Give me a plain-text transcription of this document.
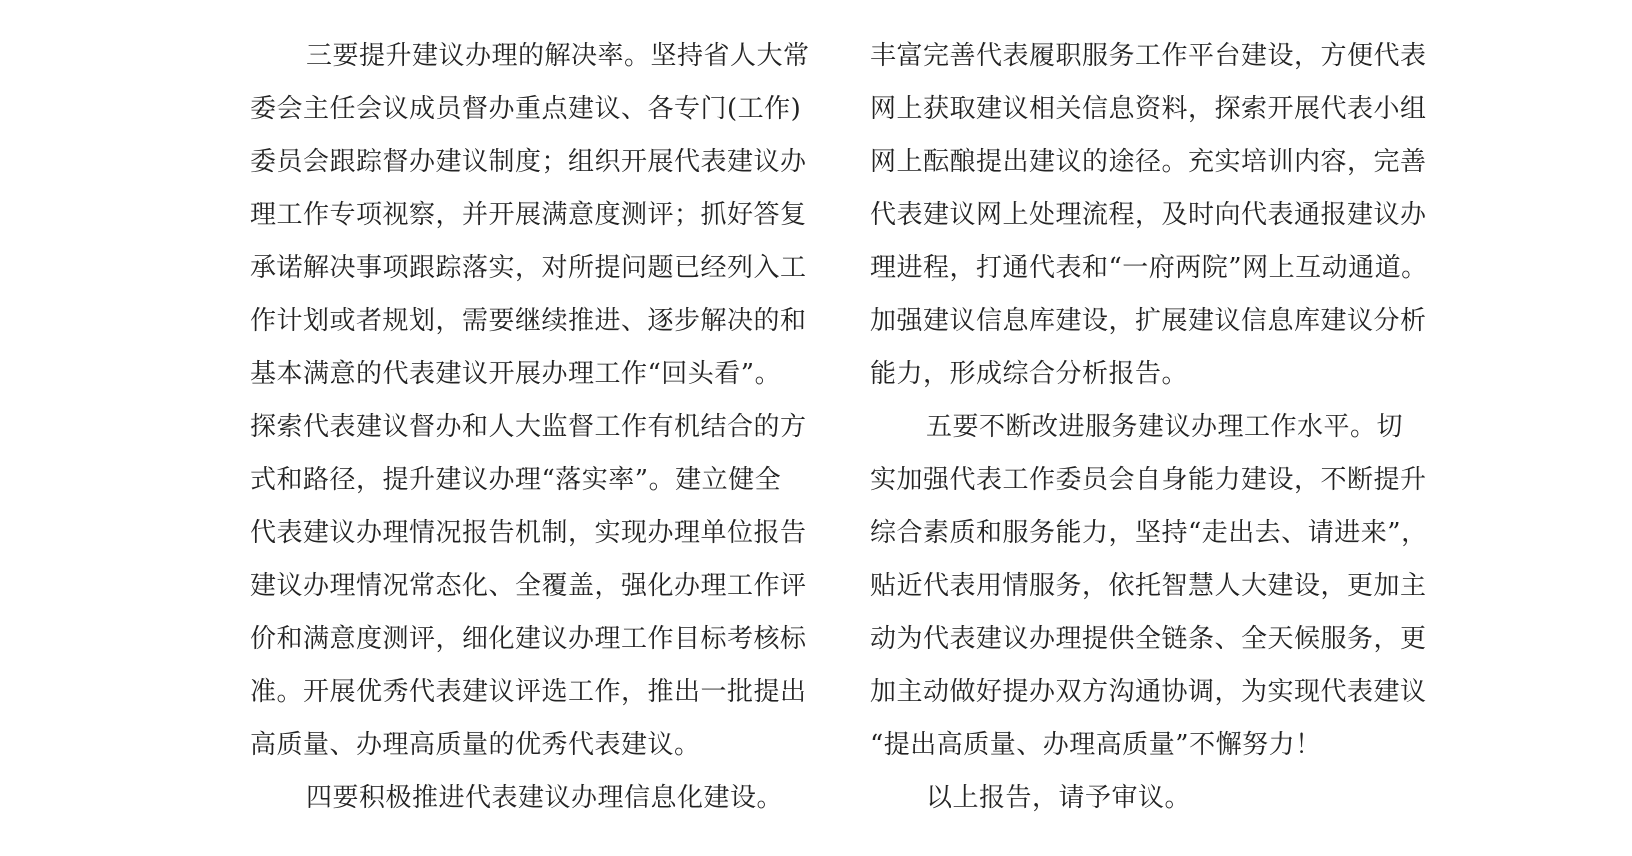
三要提升建议办理的解决率。坚持省人大常
委会主任会议成员督办重点建议、各专门(工作)
委员会跟踪督办建议制度；组织开展代表建议办
理工作专项视察，并开展满意度测评；抓好答复
承诺解决事项跟踪落实，对所提问题已经列入工
作计划或者规划，需要继续推进、逐步解决的和
基本满意的代表建议开展办理工作“回头看”。
探索代表建议督办和人大监督工作有机结合的方
式和路径，提升建议办理“落实率”。建立健全
代表建议办理情况报告机制，实现办理单位报告
建议办理情况常态化、全覆盖，强化办理工作评
价和满意度测评，细化建议办理工作目标考核标
准。开展优秀代表建议评选工作，推出一批提出
高质量、办理高质量的优秀代表建议。
四要积极推进代表建议办理信息化建设。
丰富完善代表履职服务工作平台建设，方便代表
网上获取建议相关信息资料，探索开展代表小组
网上酝酿提出建议的途径。充实培训内容，完善
代表建议网上处理流程，及时向代表通报建议办
理进程，打通代表和“一府两院”网上互动通道。
加强建议信息库建设，扩展建议信息库建议分析
能力，形成综合分析报告。
五要不断改进服务建议办理工作水平。切
实加强代表工作委员会自身能力建设，不断提升
综合素质和服务能力，坚持“走出去、请进来”，
贴近代表用情服务，依托智慧人大建设，更加主
动为代表建议办理提供全链条、全天候服务，更
加主动做好提办双方沟通协调，为实现代表建议
“提出高质量、办理高质量”不懈努力！
以上报告，请予审议。
